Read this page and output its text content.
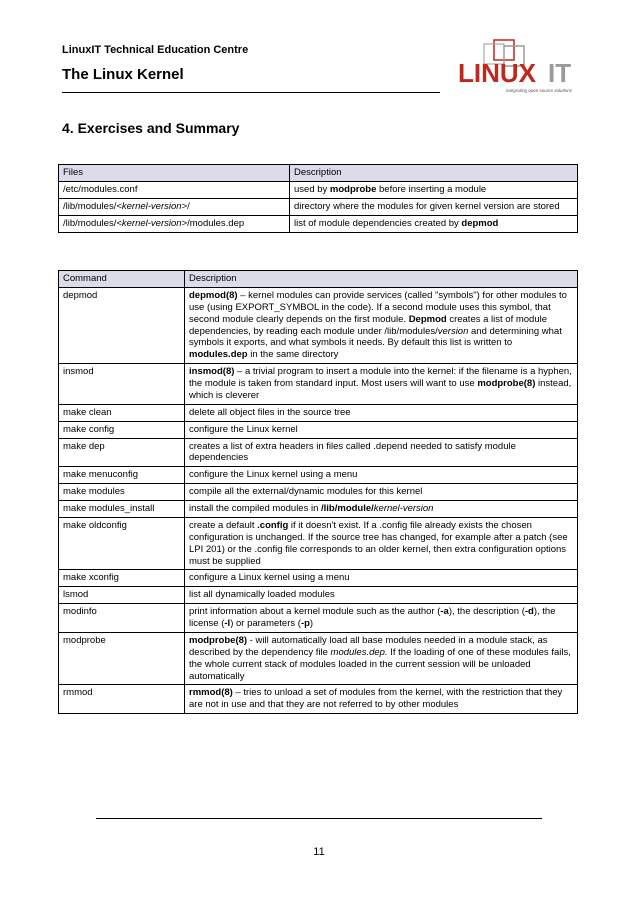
LinuxIT Technical Education Centre
The Linux Kernel	LINUX IT
integrating open source solutions
4. Exercises and Summary
Files	Description
/etc/modules.conf	used by modprobe before inserting a module
/lib/modules/<kernel-version>/	directory where the modules for given kernel version are stored
/lib/modules/<kernel-version>/modules.dep	list of module dependencies created by depmod
Command	Description
depmod	depmod(8) – kernel modules can provide services (called "symbols") for other modules to use (using EXPORT_SYMBOL in the code). If a second module uses this symbol, that second module clearly depends on the first module. Depmod creates a list of module dependencies, by reading each module under /lib/modules/version and determining what symbols it exports, and what symbols it needs. By default this list is written to modules.dep in the same directory
insmod	insmod(8) – a trivial program to insert a module into the kernel: if the filename is a hyphen, the module is taken from standard input. Most users will want to use modprobe(8) instead, which is cleverer
make clean	delete all object files in the source tree
make config	configure the Linux kernel
make dep	creates a list of extra headers in files called .depend needed to satisfy module dependencies
make menuconfig	configure the Linux kernel using a menu
make modules	compile all the external/dynamic modules for this kernel
make modules_install	install the compiled modules in /lib/module/kernel-version
make oldconfig	create a default .config if it doesn't exist. If a .config file already exists the chosen configuration is unchanged. If the source tree has changed, for example after a patch (see LPI 201) or the .config file corresponds to an older kernel, then extra configuration options must be supplied
make xconfig	configure a Linux kernel using a menu
lsmod	list all dynamically loaded modules
modinfo	print information about a kernel module such as the author (-a), the description (-d), the license (-l) or parameters (-p)
modprobe	modprobe(8) - will automatically load all base modules needed in a module stack, as described by the dependency file modules.dep. If the loading of one of these modules fails, the whole current stack of modules loaded in the current session will be unloaded automatically
rmmod	rmmod(8) – tries to unload a set of modules from the kernel, with the restriction that they are not in use and that they are not referred to by other modules
11
